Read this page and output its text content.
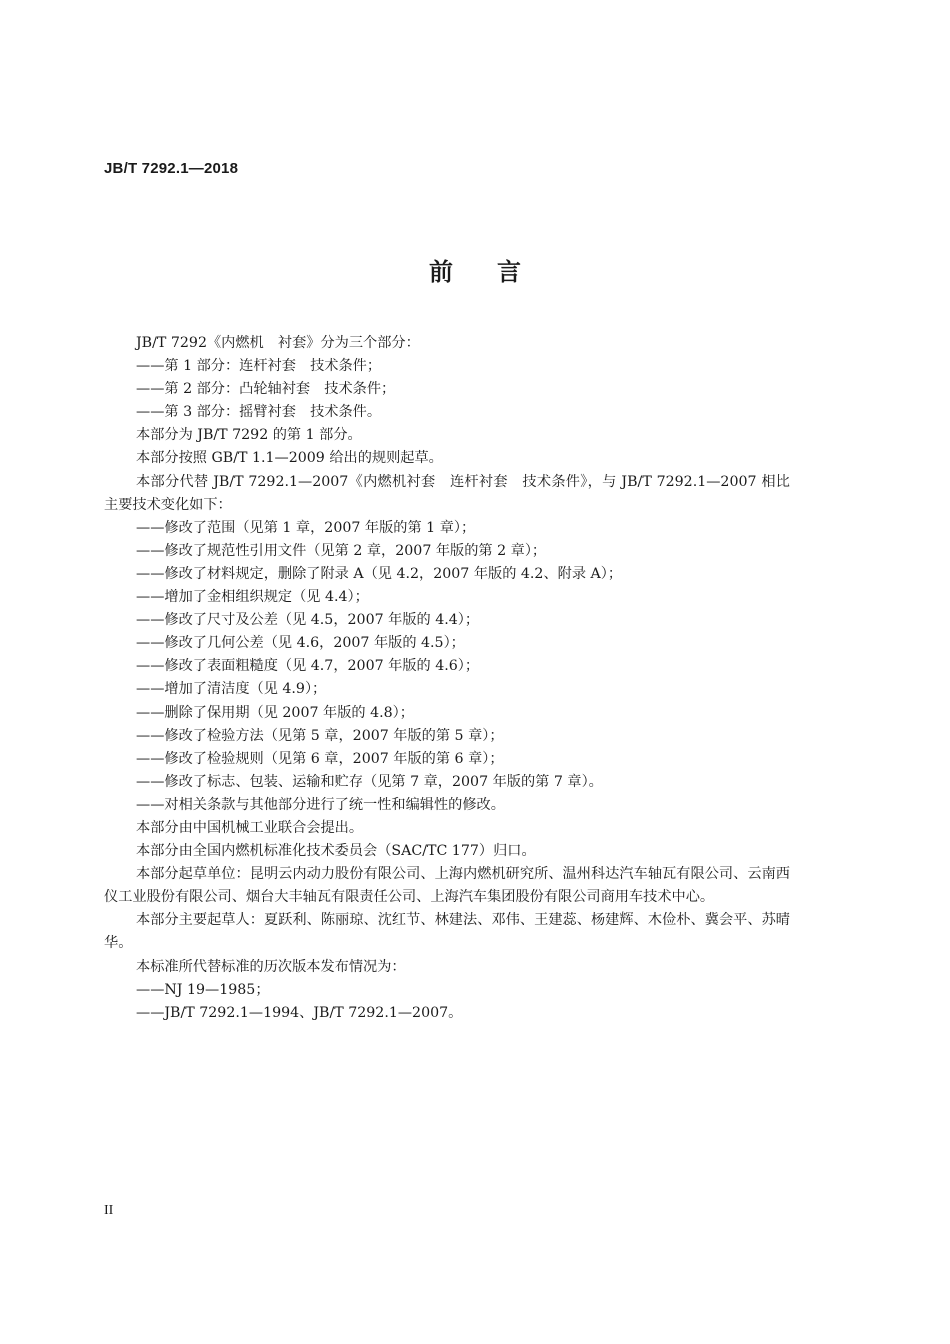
JB/T 7292.1—2018
前言

JB/T 7292《内燃机　衬套》分为三个部分：

——第 1 部分：连杆衬套　技术条件；

——第 2 部分：凸轮轴衬套　技术条件；

——第 3 部分：摇臂衬套　技术条件。

本部分为 JB/T 7292 的第 1 部分。

本部分按照 GB/T 1.1—2009 给出的规则起草。

本部分代替 JB/T 7292.1—2007《内燃机衬套　连杆衬套　技术条件》，与 JB/T 7292.1—2007 相比主要技术变化如下：

——修改了范围（见第 1 章，2007 年版的第 1 章）；

——修改了规范性引用文件（见第 2 章，2007 年版的第 2 章）；

——修改了材料规定，删除了附录 A（见 4.2，2007 年版的 4.2、附录 A）；

——增加了金相组织规定（见 4.4）；

——修改了尺寸及公差（见 4.5，2007 年版的 4.4）；

——修改了几何公差（见 4.6，2007 年版的 4.5）；

——修改了表面粗糙度（见 4.7，2007 年版的 4.6）；

——增加了清洁度（见 4.9）；

——删除了保用期（见 2007 年版的 4.8）；

——修改了检验方法（见第 5 章，2007 年版的第 5 章）；

——修改了检验规则（见第 6 章，2007 年版的第 6 章）；

——修改了标志、包装、运输和贮存（见第 7 章，2007 年版的第 7 章）。

——对相关条款与其他部分进行了统一性和编辑性的修改。

本部分由中国机械工业联合会提出。

本部分由全国内燃机标准化技术委员会（SAC/TC 177）归口。

本部分起草单位：昆明云内动力股份有限公司、上海内燃机研究所、温州科达汽车轴瓦有限公司、云南西仪工业股份有限公司、烟台大丰轴瓦有限责任公司、上海汽车集团股份有限公司商用车技术中心。

本部分主要起草人：夏跃利、陈丽琼、沈红节、林建法、邓伟、王建蕊、杨建辉、木俭朴、冀会平、苏晴华。

本标准所代替标准的历次版本发布情况为：

——NJ 19—1985；

——JB/T 7292.1—1994、JB/T 7292.1—2007。

II
